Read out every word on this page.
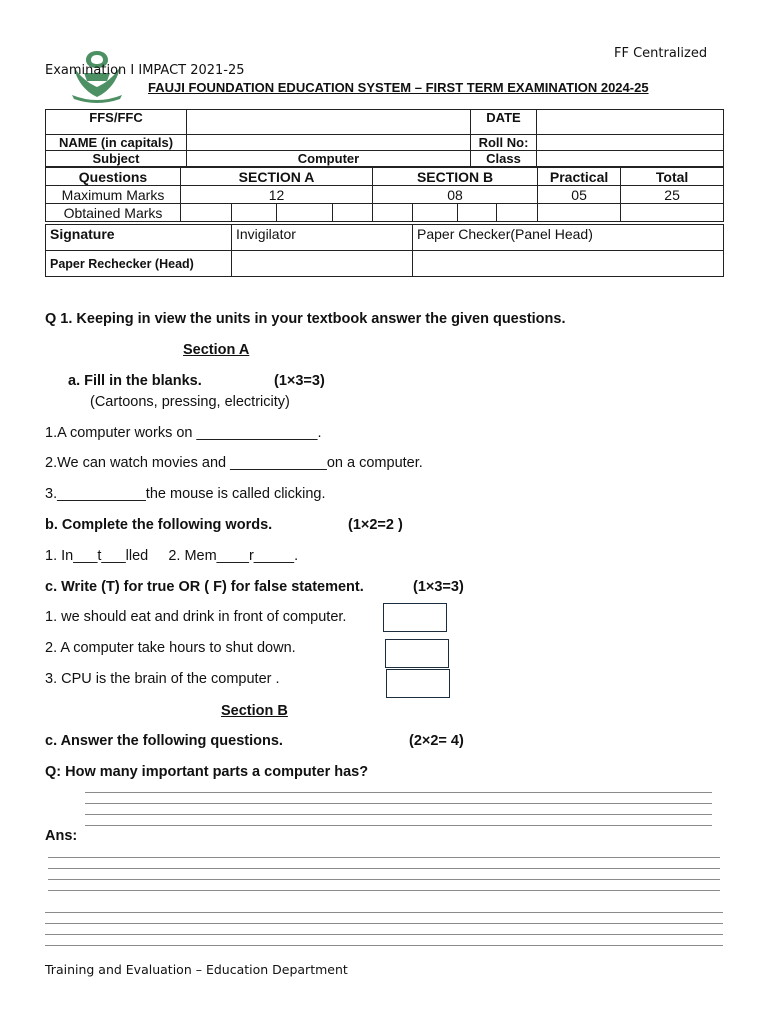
FF Centralized
Examination I IMPACT 2021-25
FAUJI FOUNDATION EDUCATION SYSTEM – FIRST TERM EXAMINATION 2024-25
FFS/FFC		DATE	
NAME (in capitals)		Roll No:	
Subject	Computer	Class	
Questions	SECTION A				SECTION B				Practical	Total
Maximum Marks	12				08				05	25
Obtained Marks										
Signature	Invigilator	Paper Checker(Panel Head)
Paper Rechecker (Head)		
Q 1. Keeping in view the units in your textbook answer the given questions.
Section A
a. Fill in the blanks.	(1×3=3)
(Cartoons, pressing, electricity)
1.A computer works on _______________.
2.We can watch movies and ____________on a computer.
3.___________the mouse is called clicking.
b. Complete the following words.	(1×2=2 )
1. In___t___lled     2. Mem____r_____.
c. Write (T) for true OR ( F) for false statement.	(1×3=3)
1. we should eat and drink in front of computer.
2. A computer take hours to shut down.
3. CPU is the brain of the computer .
Section B
c. Answer the following questions.	(2×2= 4)
Q: How many important parts a computer has?
Ans:
Training and Evaluation – Education Department
